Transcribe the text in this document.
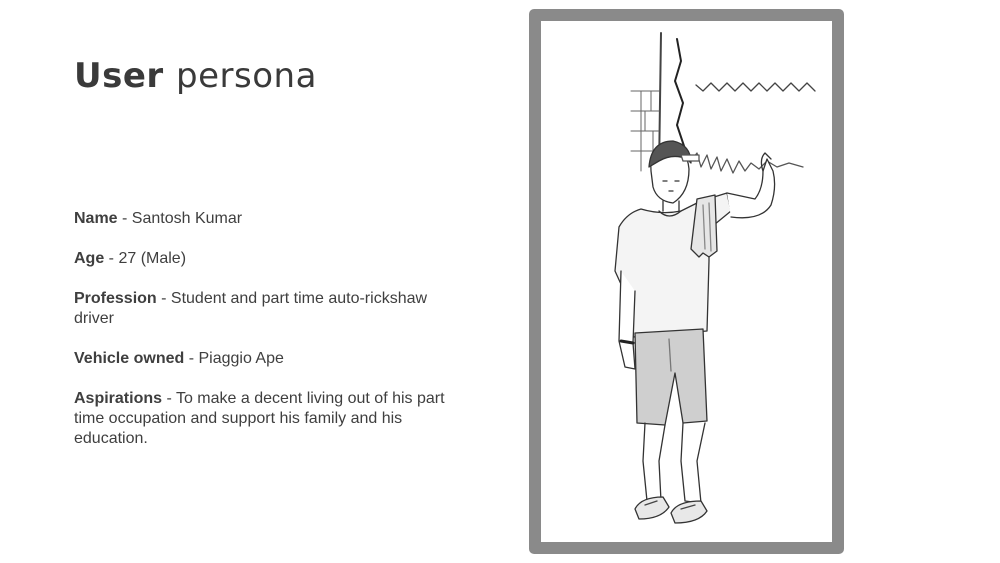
User persona

Name - Santosh Kumar

Age - 27 (Male)

Profession - Student and part time auto-rickshaw driver

Vehicle owned - Piaggio Ape

Aspirations - To make a decent living out of his part time occupation and support his family and his education.
